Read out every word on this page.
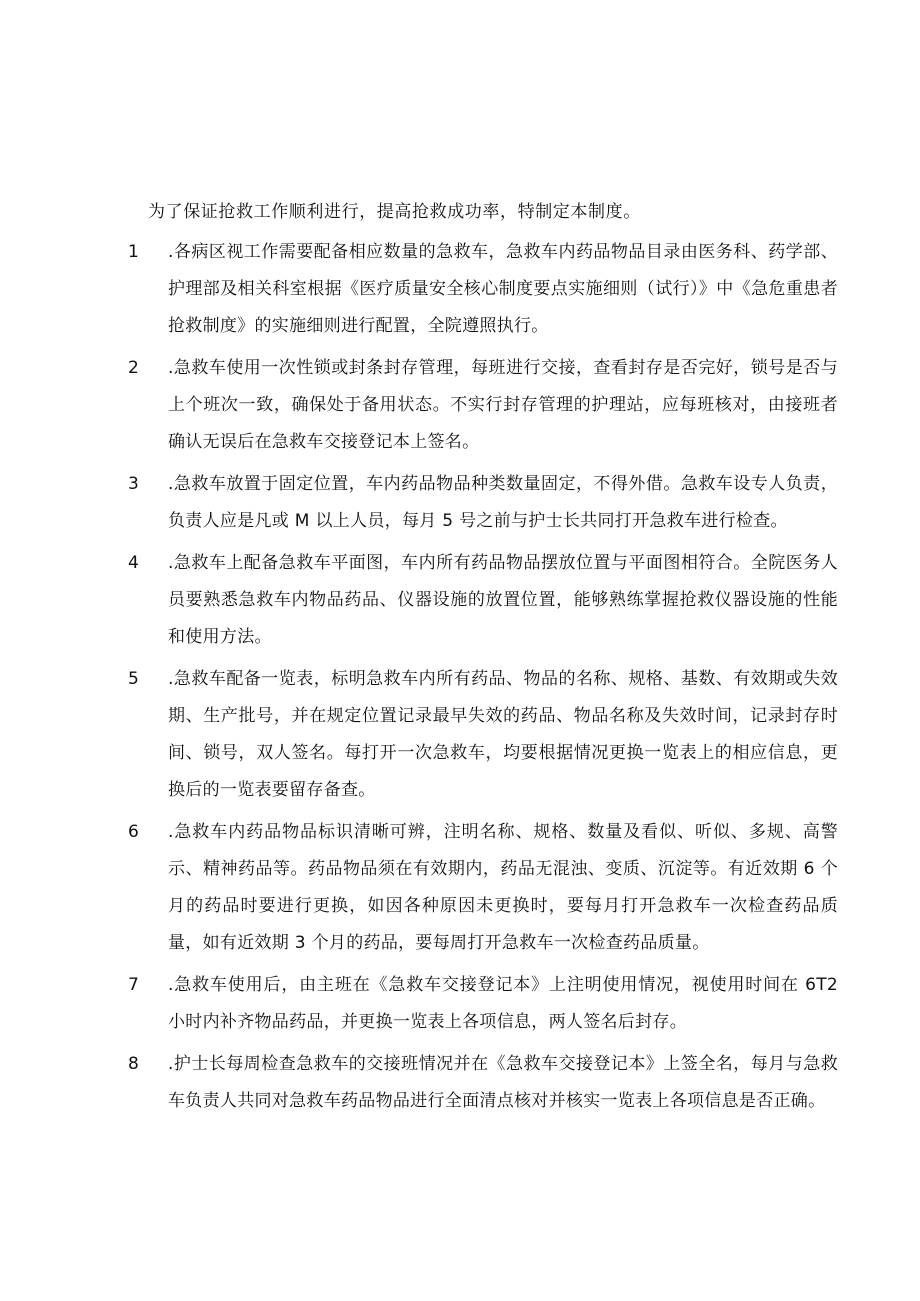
为了保证抢救工作顺利进行，提高抢救成功率，特制定本制度。
1	.各病区视工作需要配备相应数量的急救车，急救车内药品物品目录由医务科、药学部、护理部及相关科室根据《医疗质量安全核心制度要点实施细则（试行）》中《急危重患者抢救制度》的实施细则进行配置，全院遵照执行。
2	.急救车使用一次性锁或封条封存管理，每班进行交接，查看封存是否完好，锁号是否与上个班次一致，确保处于备用状态。不实行封存管理的护理站，应每班核对，由接班者确认无误后在急救车交接登记本上签名。
3	.急救车放置于固定位置，车内药品物品种类数量固定，不得外借。急救车设专人负责，负责人应是凡或 M 以上人员，每月 5 号之前与护士长共同打开急救车进行检查。
4	.急救车上配备急救车平面图，车内所有药品物品摆放位置与平面图相符合。全院医务人员要熟悉急救车内物品药品、仪器设施的放置位置，能够熟练掌握抢救仪器设施的性能和使用方法。
5	.急救车配备一览表，标明急救车内所有药品、物品的名称、规格、基数、有效期或失效期、生产批号，并在规定位置记录最早失效的药品、物品名称及失效时间，记录封存时间、锁号，双人签名。每打开一次急救车，均要根据情况更换一览表上的相应信息，更换后的一览表要留存备查。
6	.急救车内药品物品标识清晰可辨，注明名称、规格、数量及看似、听似、多规、高警示、精神药品等。药品物品须在有效期内，药品无混浊、变质、沉淀等。有近效期 6 个月的药品时要进行更换，如因各种原因未更换时，要每月打开急救车一次检查药品质量，如有近效期 3 个月的药品，要每周打开急救车一次检查药品质量。
7	.急救车使用后，由主班在《急救车交接登记本》上注明使用情况，视使用时间在 6T2 小时内补齐物品药品，并更换一览表上各项信息，两人签名后封存。
8	.护士长每周检查急救车的交接班情况并在《急救车交接登记本》上签全名，每月与急救车负责人共同对急救车药品物品进行全面清点核对并核实一览表上各项信息是否正确。
